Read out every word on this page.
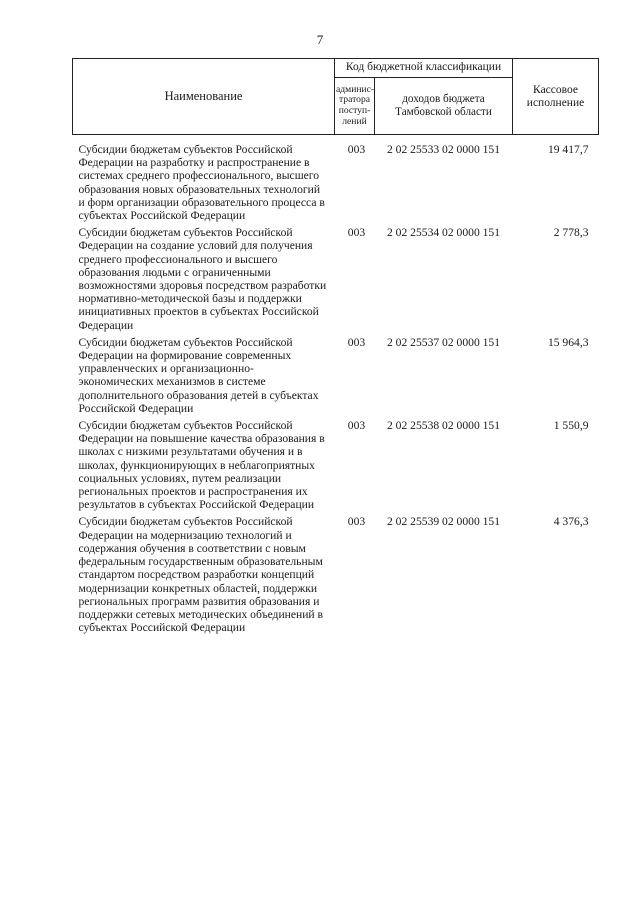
7
Наименование	Код бюджетной классификации		Кассовое исполнение
	админис-тратора поступ-лений	доходов бюджета Тамбовской области	

Субсидии бюджетам субъектов Российской Федерации на разработку и распространение в системах среднего профессионального, высшего образования новых образовательных технологий и форм организации образовательного процесса в субъектах Российской Федерации	003	2 02 25533 02 0000 151	19 417,7
Субсидии бюджетам субъектов Российской Федерации на создание условий для получения среднего профессионального и высшего образования людьми с ограниченными возможностями здоровья посредством разработки нормативно-методической базы и поддержки инициативных проектов в субъектах Российской Федерации	003	2 02 25534 02 0000 151	2 778,3
Субсидии бюджетам субъектов Российской Федерации на формирование современных управленческих и организационно-экономических механизмов в системе дополнительного образования детей в субъектах Российской Федерации	003	2 02 25537 02 0000 151	15 964,3
Субсидии бюджетам субъектов Российской Федерации на повышение качества образования в школах с низкими результатами обучения и в школах, функционирующих в неблагоприятных социальных условиях, путем реализации региональных проектов и распространения их результатов в субъектах Российской Федерации	003	2 02 25538 02 0000 151	1 550,9
Субсидии бюджетам субъектов Российской Федерации на модернизацию технологий и содержания обучения в соответствии с новым федеральным государственным образовательным стандартом посредством разработки концепций модернизации конкретных областей, поддержки региональных программ развития образования и поддержки сетевых методических объединений в субъектах Российской Федерации	003	2 02 25539 02 0000 151	4 376,3
